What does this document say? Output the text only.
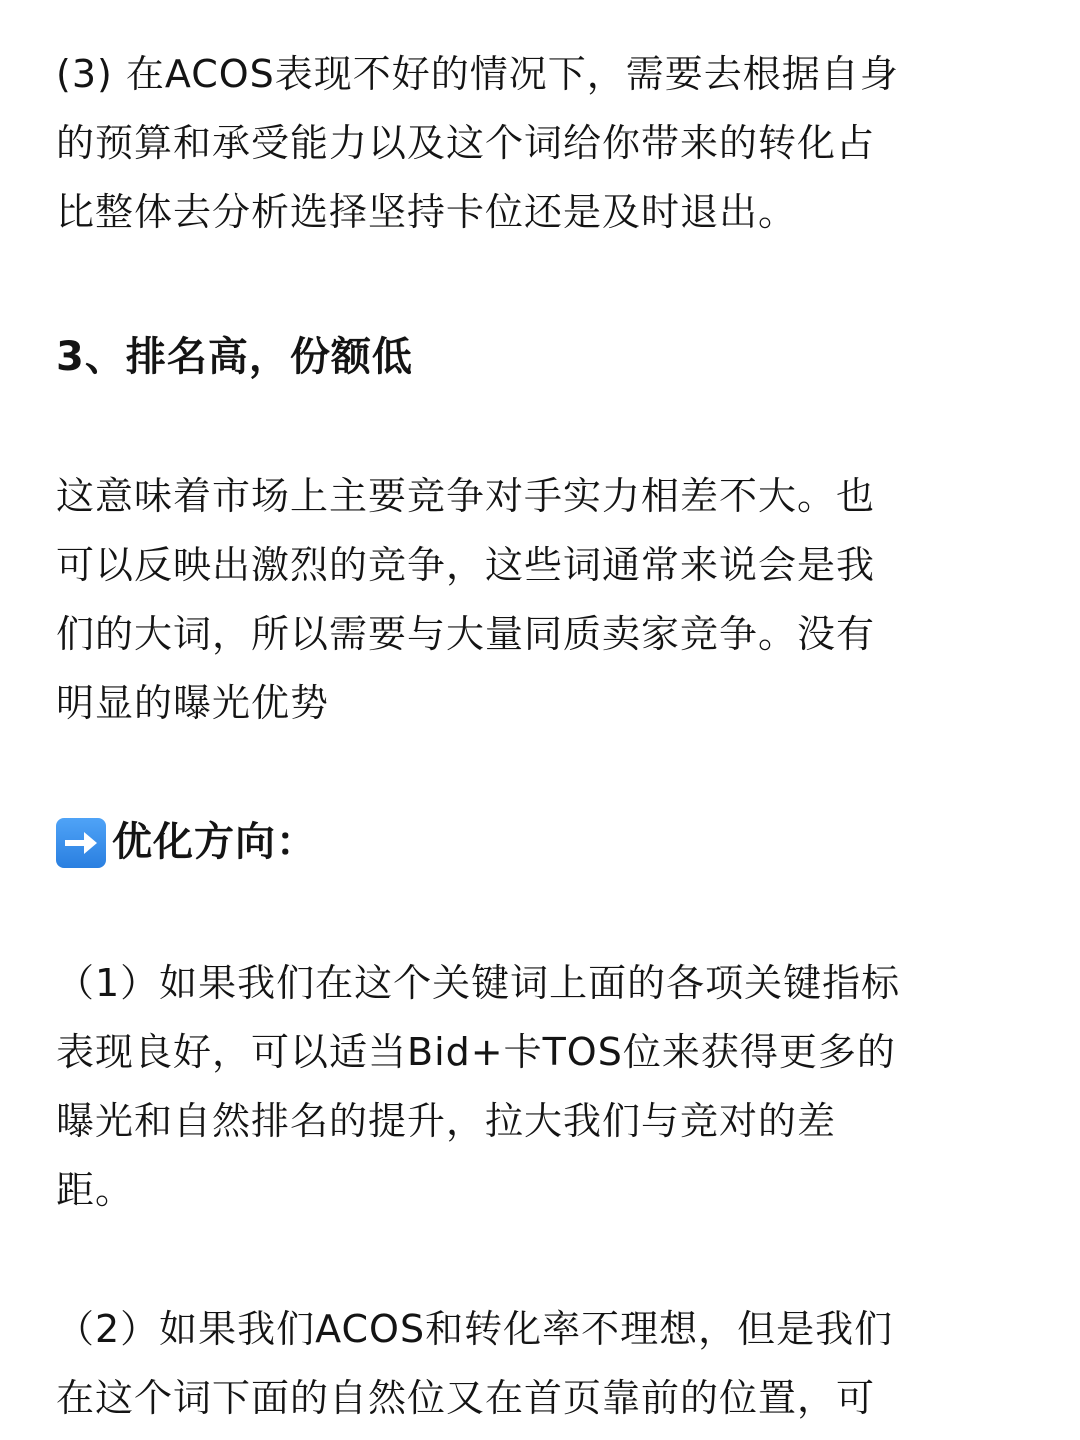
(3) 在ACOS表现不好的情况下，需要去根据自身
的预算和承受能力以及这个词给你带来的转化占
比整体去分析选择坚持卡位还是及时退出。

3、排名高，份额低

这意味着市场上主要竞争对手实力相差不大。也
可以反映出激烈的竞争，这些词通常来说会是我
们的大词，所以需要与大量同质卖家竞争。没有
明显的曝光优势

优化方向：

（1）如果我们在这个关键词上面的各项关键指标
表现良好，可以适当Bid+卡TOS位来获得更多的
曝光和自然排名的提升，拉大我们与竞对的差
距。

（2）如果我们ACOS和转化率不理想，但是我们
在这个词下面的自然位又在首页靠前的位置，可
